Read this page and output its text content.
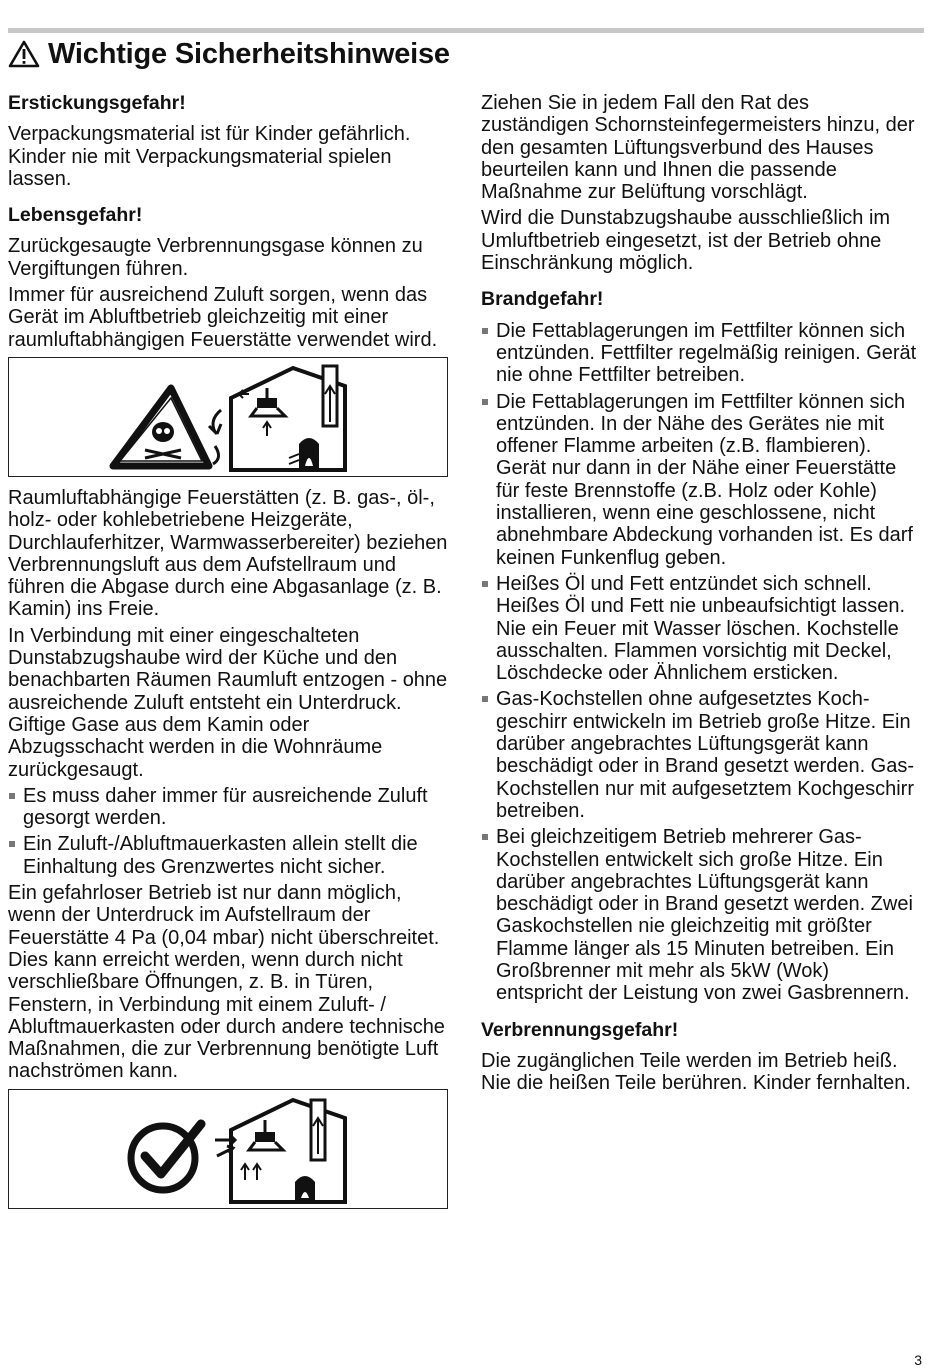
Wichtige Sicherheitshinweise
Erstickungsgefahr!
Verpackungsmaterial ist für Kinder gefährlich. Kinder nie mit Verpackungsmaterial spielen lassen.
Lebensgefahr!
Zurückgesaugte Verbrennungsgase können zu Vergiftungen führen.
Immer für ausreichend Zuluft sorgen, wenn das Gerät im Abluftbetrieb gleichzeitig mit einer raumluftabhängigen Feuerstätte verwendet wird.
Raumluftabhängige Feuerstätten (z. B. gas-, öl-, holz- oder kohlebetriebene Heizgeräte, Durchlauferhitzer, Warmwasserbereiter) beziehen Verbrennungsluft aus dem Aufstellraum und führen die Abgase durch eine Abgasanlage (z. B. Kamin) ins Freie.
In Verbindung mit einer eingeschalteten Dunstabzugshaube wird der Küche und den benachbarten Räumen Raumluft entzogen - ohne ausreichende Zuluft entsteht ein Unterdruck. Giftige Gase aus dem Kamin oder Abzugsschacht werden in die Wohnräume zurückgesaugt.
Es muss daher immer für ausreichende Zuluft gesorgt werden.
Ein Zuluft-/Abluftmauerkasten allein stellt die Einhaltung des Grenzwertes nicht sicher.
Ein gefahrloser Betrieb ist nur dann möglich, wenn der Unterdruck im Aufstellraum der Feuerstätte 4 Pa (0,04 mbar) nicht überschreitet. Dies kann erreicht werden, wenn durch nicht verschließbare Öffnungen, z. B. in Türen, Fenstern, in Verbindung mit einem Zuluft- / Abluftmauerkasten oder durch andere technische Maßnahmen, die zur Verbrennung benötigte Luft nachströmen kann.
Ziehen Sie in jedem Fall den Rat des zuständigen Schornsteinfegermeisters hinzu, der den gesamten Lüftungsverbund des Hauses beurteilen kann und Ihnen die passende Maßnahme zur Belüftung vorschlägt.
Wird die Dunstabzugshaube ausschließlich im Umluftbetrieb eingesetzt, ist der Betrieb ohne Einschränkung möglich.
Brandgefahr!
Die Fettablagerungen im Fettfilter können sich entzünden. Fettfilter regelmäßig reinigen. Gerät nie ohne Fettfilter betreiben.
Die Fettablagerungen im Fettfilter können sich entzünden. In der Nähe des Gerätes nie mit offener Flamme arbeiten (z.B. flambieren). Gerät nur dann in der Nähe einer Feuerstätte für feste Brennstoffe (z.B. Holz oder Kohle) installieren, wenn eine geschlossene, nicht abnehmbare Abdeckung vorhanden ist. Es darf keinen Funkenflug geben.
Heißes Öl und Fett entzündet sich schnell. Heißes Öl und Fett nie unbeaufsichtigt lassen. Nie ein Feuer mit Wasser löschen. Kochstelle ausschalten. Flammen vorsichtig mit Deckel, Löschdecke oder Ähnlichem ersticken.
Gas-Kochstellen ohne aufgesetztes Kochgeschirr entwickeln im Betrieb große Hitze. Ein darüber angebrachtes Lüftungsgerät kann beschädigt oder in Brand gesetzt werden. Gas-Kochstellen nur mit aufgesetztem Kochgeschirr betreiben.
Bei gleichzeitigem Betrieb mehrerer Gas-Kochstellen entwickelt sich große Hitze. Ein darüber angebrachtes Lüftungsgerät kann beschädigt oder in Brand gesetzt werden. Zwei Gaskochstellen nie gleichzeitig mit größter Flamme länger als 15 Minuten betreiben. Ein Großbrenner mit mehr als 5kW (Wok) entspricht der Leistung von zwei Gasbrennern.
Verbrennungsgefahr!
Die zugänglichen Teile werden im Betrieb heiß. Nie die heißen Teile berühren. Kinder fernhalten.
3
